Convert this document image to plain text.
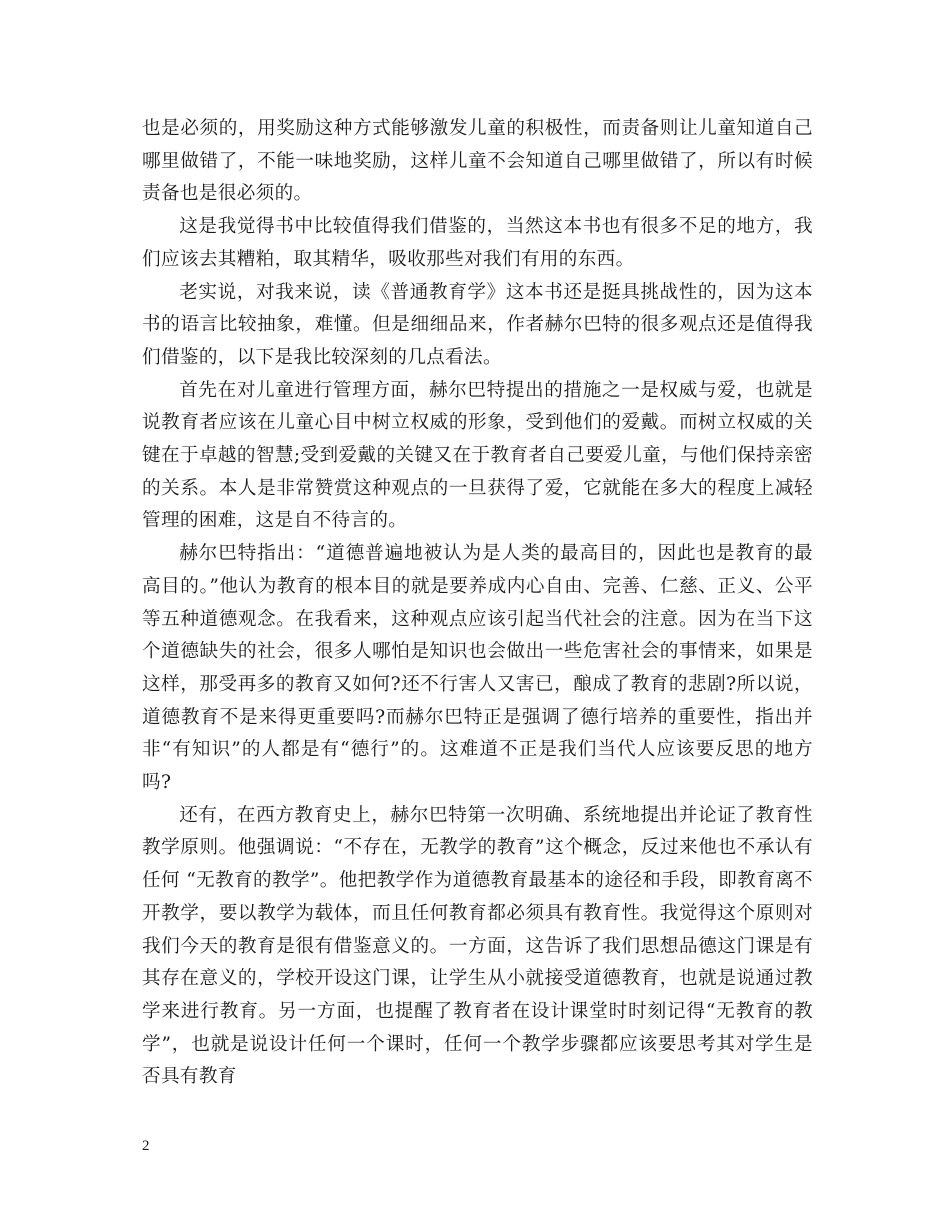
也是必须的，用奖励这种方式能够激发儿童的积极性，而责备则让儿童知道自己哪里做错了，不能一味地奖励，这样儿童不会知道自己哪里做错了，所以有时候责备也是很必须的。

这是我觉得书中比较值得我们借鉴的，当然这本书也有很多不足的地方，我们应该去其糟粕，取其精华，吸收那些对我们有用的东西。

老实说，对我来说，读《普通教育学》这本书还是挺具挑战性的，因为这本书的语言比较抽象，难懂。但是细细品来，作者赫尔巴特的很多观点还是值得我们借鉴的，以下是我比较深刻的几点看法。

首先在对儿童进行管理方面，赫尔巴特提出的措施之一是权威与爱，也就是说教育者应该在儿童心目中树立权威的形象，受到他们的爱戴。而树立权威的关键在于卓越的智慧;受到爱戴的关键又在于教育者自己要爱儿童，与他们保持亲密的关系。本人是非常赞赏这种观点的一旦获得了爱，它就能在多大的程度上减轻管理的困难，这是自不待言的。

赫尔巴特指出：“道德普遍地被认为是人类的最高目的，因此也是教育的最高目的。”他认为教育的根本目的就是要养成内心自由、完善、仁慈、正义、公平等五种道德观念。在我看来，这种观点应该引起当代社会的注意。因为在当下这个道德缺失的社会，很多人哪怕是知识也会做出一些危害社会的事情来，如果是这样，那受再多的教育又如何?还不行害人又害已，酿成了教育的悲剧?所以说，道德教育不是来得更重要吗?而赫尔巴特正是强调了德行培养的重要性，指出并非“有知识”的人都是有“德行”的。这难道不正是我们当代人应该要反思的地方吗?

还有，在西方教育史上，赫尔巴特第一次明确、系统地提出并论证了教育性教学原则。他强调说：“不存在，无教学的教育”这个概念，反过来他也不承认有任何 “无教育的教学”。他把教学作为道德教育最基本的途径和手段，即教育离不开教学，要以教学为载体，而且任何教育都必须具有教育性。我觉得这个原则对我们今天的教育是很有借鉴意义的。一方面，这告诉了我们思想品德这门课是有其存在意义的，学校开设这门课，让学生从小就接受道德教育，也就是说通过教学来进行教育。另一方面，也提醒了教育者在设计课堂时时刻记得“无教育的教学”，也就是说设计任何一个课时，任何一个教学步骤都应该要思考其对学生是否具有教育

2
